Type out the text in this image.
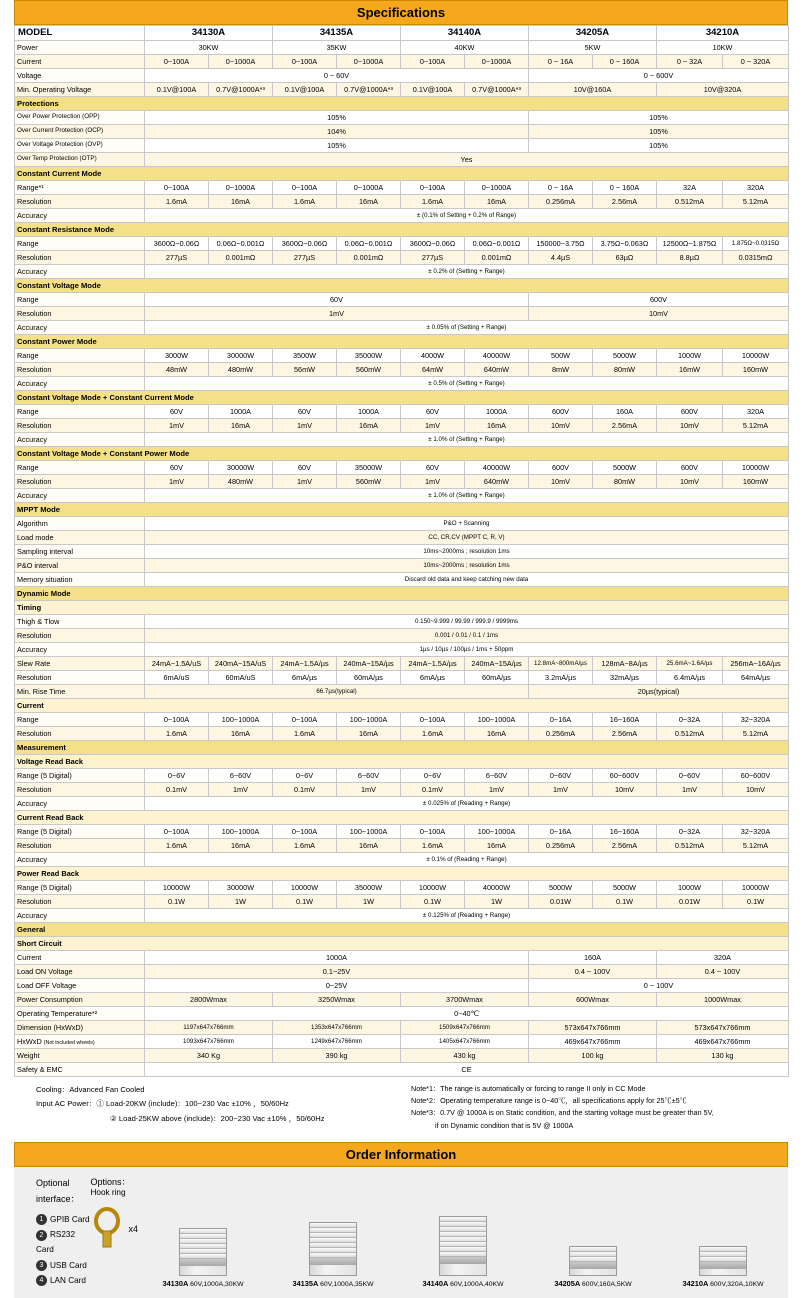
Specifications
MODEL	34130A		34135A		34140A		34205A		34210A	
Power	30KW		35KW		40KW		5KW		10KW	
Current	0~100A	0~1000A	0~100A	0~1000A	0~100A	0~1000A	0 ~ 16A	0 ~ 160A	0 ~ 32A	0 ~ 320A
Voltage	0 ~ 60V						0 ~ 600V			
Min. Operating Voltage	0.1V@100A	0.7V@1000A*³	0.1V@100A	0.7V@1000A*³	0.1V@100A	0.7V@1000A*³	10V@160A		10V@320A	
Protections										
Over Power Protection (OPP)	105%						105%			
Over Current Protection (OCP)	104%						105%			
Over Voltage Protection (OVP)	105%						105%			
Over Temp Protection (OTP)	Yes									
Constant Current Mode										
Range*¹	0~100A	0~1000A	0~100A	0~1000A	0~100A	0~1000A	0 ~ 16A	0 ~ 160A	32A	320A
Resolution	1.6mA	16mA	1.6mA	16mA	1.6mA	16mA	0.256mA	2.56mA	0.512mA	5.12mA
Accuracy	± (0.1% of Setting + 0.2% of Range)									
Constant Resistance Mode										
Range	3600Ω~0.06Ω	0.06Ω~0.001Ω	3600Ω~0.06Ω	0.06Ω~0.001Ω	3600Ω~0.06Ω	0.06Ω~0.001Ω	150000~3.75Ω	3.75Ω~0.063Ω	12500Ω~1.875Ω	1.875Ω~0.0315Ω
Resolution	277µS	0.001mΩ	277µS	0.001mΩ	277µS	0.001mΩ	4.4µS	63µΩ	8.8µΩ	0.0315mΩ
Accuracy	± 0.2% of (Setting + Range)									
Constant Voltage Mode										
Range	60V						600V			
Resolution	1mV						10mV			
Accuracy	± 0.05% of (Setting + Range)									
Constant Power Mode										
Range	3000W	30000W	3500W	35000W	4000W	40000W	500W	5000W	1000W	10000W
Resolution	48mW	480mW	56mW	560mW	64mW	640mW	8mW	80mW	16mW	160mW
Accuracy	± 0.5% of (Setting + Range)									
Constant Voltage Mode + Constant Current Mode										
Range	60V	1000A	60V	1000A	60V	1000A	600V	160A	600V	320A
Resolution	1mV	16mA	1mV	16mA	1mV	16mA	10mV	2.56mA	10mV	5.12mA
Accuracy	± 1.0% of (Setting + Range)									
Constant Voltage Mode + Constant Power Mode										
Range	60V	30000W	60V	35000W	60V	40000W	600V	5000W	600V	10000W
Resolution	1mV	480mW	1mV	560mW	1mV	640mW	10mV	80mW	10mV	160mW
Accuracy	± 1.0% of (Setting + Range)									
MPPT Mode										
Algorithm	P&O + Scanning									
Load mode	CC, CR,CV (MPPT C, R, V)									
Sampling interval	10ms~2000ms ; resolution 1ms									
P&O interval	10ms~2000ms ; resolution 1ms									
Memory situation	Discard old data and keep catching new data									
Dynamic Mode										
Timing										
Thigh & Tlow	0.150~9.999 / 99.99 / 999.9 / 9999ms									
Resolution	0.001 / 0.01 / 0.1 / 1ms									
Accuracy	1µs / 10µs / 100µs / 1ms + 50ppm									
Slew Rate	24mA~1.5A/uS	240mA~15A/uS	24mA~1.5A/µs	240mA~15A/µs	24mA~1.5A/µs	240mA~15A/µs	12.8mA~800mA/µs	128mA~8A/µs	25.6mA~1.6A/µs	256mA~16A/µs
Resolution	6mA/uS	60mA/uS	6mA/µs	60mA/µs	6mA/µs	60mA/µs	3.2mA/µs	32mA/µs	6.4mA/µs	64mA/µs
Min. Rise Time	66.7µs(typical)						20µs(typical)			
Current										
Range	0~100A	100~1000A	0~100A	100~1000A	0~100A	100~1000A	0~16A	16~160A	0~32A	32~320A
Resolution	1.6mA	16mA	1.6mA	16mA	1.6mA	16mA	0.256mA	2.56mA	0.512mA	5.12mA
Measurement										
Voltage Read Back										
Range (5 Digital)	0~6V	6~60V	0~6V	6~60V	0~6V	6~60V	0~60V	60~600V	0~60V	60~600V
Resolution	0.1mV	1mV	0.1mV	1mV	0.1mV	1mV	1mV	10mV	1mV	10mV
Accuracy	± 0.025% of (Reading + Range)									
Current Read Back										
Range (5 Digital)	0~100A	100~1000A	0~100A	100~1000A	0~100A	100~1000A	0~16A	16~160A	0~32A	32~320A
Resolution	1.6mA	16mA	1.6mA	16mA	1.6mA	16mA	0.256mA	2.56mA	0.512mA	5.12mA
Accuracy	± 0.1% of (Reading + Range)									
Power Read Back										
Range (5 Digital)	10000W	30000W	10000W	35000W	10000W	40000W	5000W	5000W	1000W	10000W
Resolution	0.1W	1W	0.1W	1W	0.1W	1W	0.01W	0.1W	0.01W	0.1W
Accuracy	± 0.125% of (Reading + Range)									
General										
Short Circuit										
Current	1000A						160A		320A	
Load ON Voltage	0.1~25V						0.4 ~ 100V		0.4 ~ 100V	
Load OFF Voltage	0~25V						0 ~ 100V			
Power Consumption	2800Wmax		3250Wmax		3700Wmax		600Wmax		1000Wmax	
Operating Temperature*²	0~40℃									
Dimension (HxWxD)	1197x647x766mm		1353x647x766mm		1509x647x766mm		573x647x766mm		573x647x766mm	
HxWxD (Not included wheels)	1093x647x766mm		1249x647x766mm		1405x647x766mm		469x647x766mm		469x647x766mm	
Weight	340 Kg		390 kg		430 kg		100 kg		130 kg	
Safety & EMC	CE									
Cooling：Advanced Fan Cooled
Input AC Power：① Load-20KW (include)：100~230 Vac ±10% ，50/60Hz
② Load-25KW above (include)：200~230 Vac ±10% ，50/60Hz
Note*1：The range is automatically or forcing to range II only in CC Mode
Note*2：Operating temperature range is 0~40℃，all specifications apply for 25℃±5℃
Note*3：0.7V @ 1000A is on Static condition, and the starting voltage must be greater than 5V,
if on Dynamic condition that is 5V @ 1000A
Order Information
Optional interface：
1 GPIB Card
2 RS232 Card
3 USB Card
4 LAN Card
Options：
Hook ring
x4
34130A 60V,1000A,30KW	34135A 60V,1000A,35KW	34140A 60V,1000A,40KW	34205A 600V,160A,5KW	34210A 600V,320A,10KW
